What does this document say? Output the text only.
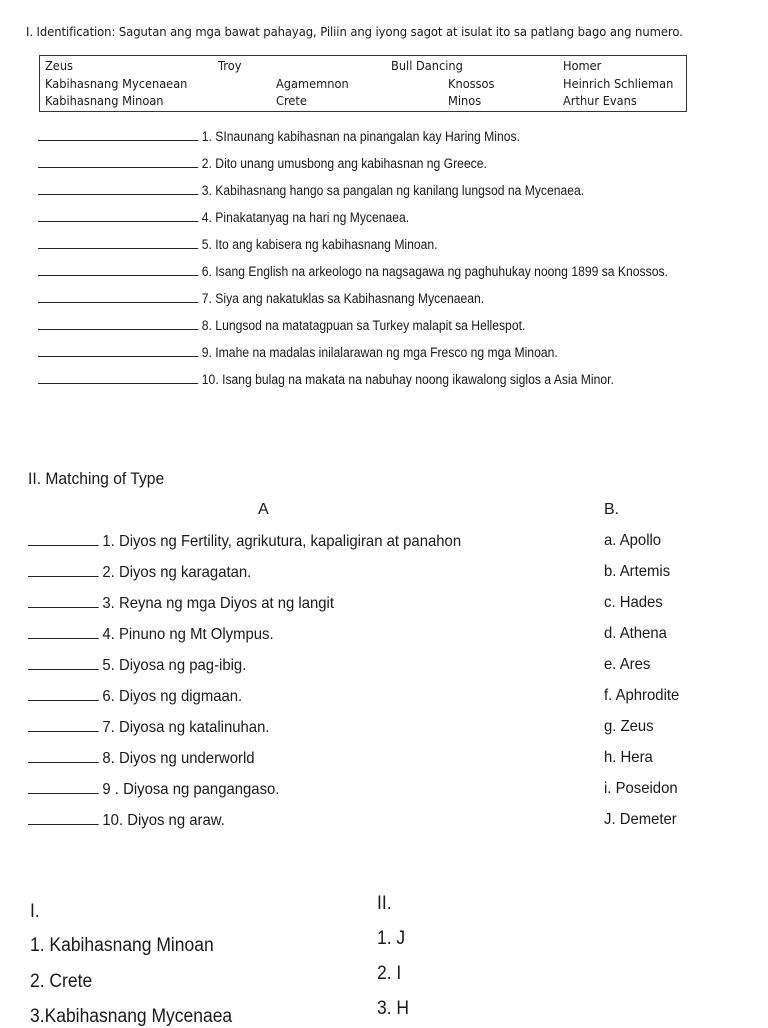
I. Identification: Sagutan ang mga bawat pahayag, Piliin ang iyong sagot at isulat ito sa patlang bago ang numero.
Zeus	Troy	Bull Dancing	Homer
Kabihasnang Mycenaean	Agamemnon	Knossos	Heinrich Schlieman
Kabihasnang Minoan	Crete	Minos	Arthur Evans
1. SInaunang kabihasnan na pinangalan kay Haring Minos.
2. Dito unang umusbong ang kabihasnan ng Greece.
3. Kabihasnang hango sa pangalan ng kanilang lungsod na Mycenaea.
4. Pinakatanyag na hari ng Mycenaea.
5. Ito ang kabisera ng kabihasnang Minoan.
6. Isang English na arkeologo na nagsagawa ng paghuhukay noong 1899 sa Knossos.
7. Siya ang nakatuklas sa Kabihasnang Mycenaean.
8. Lungsod na matatagpuan sa Turkey malapit sa Hellespot.
9. Imahe na madalas inilalarawan ng mga Fresco ng mga Minoan.
10. Isang bulag na makata na nabuhay noong ikawalong siglos a Asia Minor.
II. Matching of Type
A	B.
1. Diyos ng Fertility, agrikutura, kapaligiran at panahon
2. Diyos ng karagatan.
3. Reyna ng mga Diyos at ng langit
4. Pinuno ng Mt Olympus.
5. Diyosa ng pag-ibig.
6. Diyos ng digmaan.
7. Diyosa ng katalinuhan.
8. Diyos ng underworld
9 . Diyosa ng pangangaso.
10. Diyos ng araw.
a. Apollo
b. Artemis
c. Hades
d. Athena
e. Ares
f. Aphrodite
g. Zeus
h. Hera
i. Poseidon
J. Demeter
I.
1. Kabihasnang Minoan
2. Crete
3.Kabihasnang Mycenaea
II.
1. J
2. I
3. H
